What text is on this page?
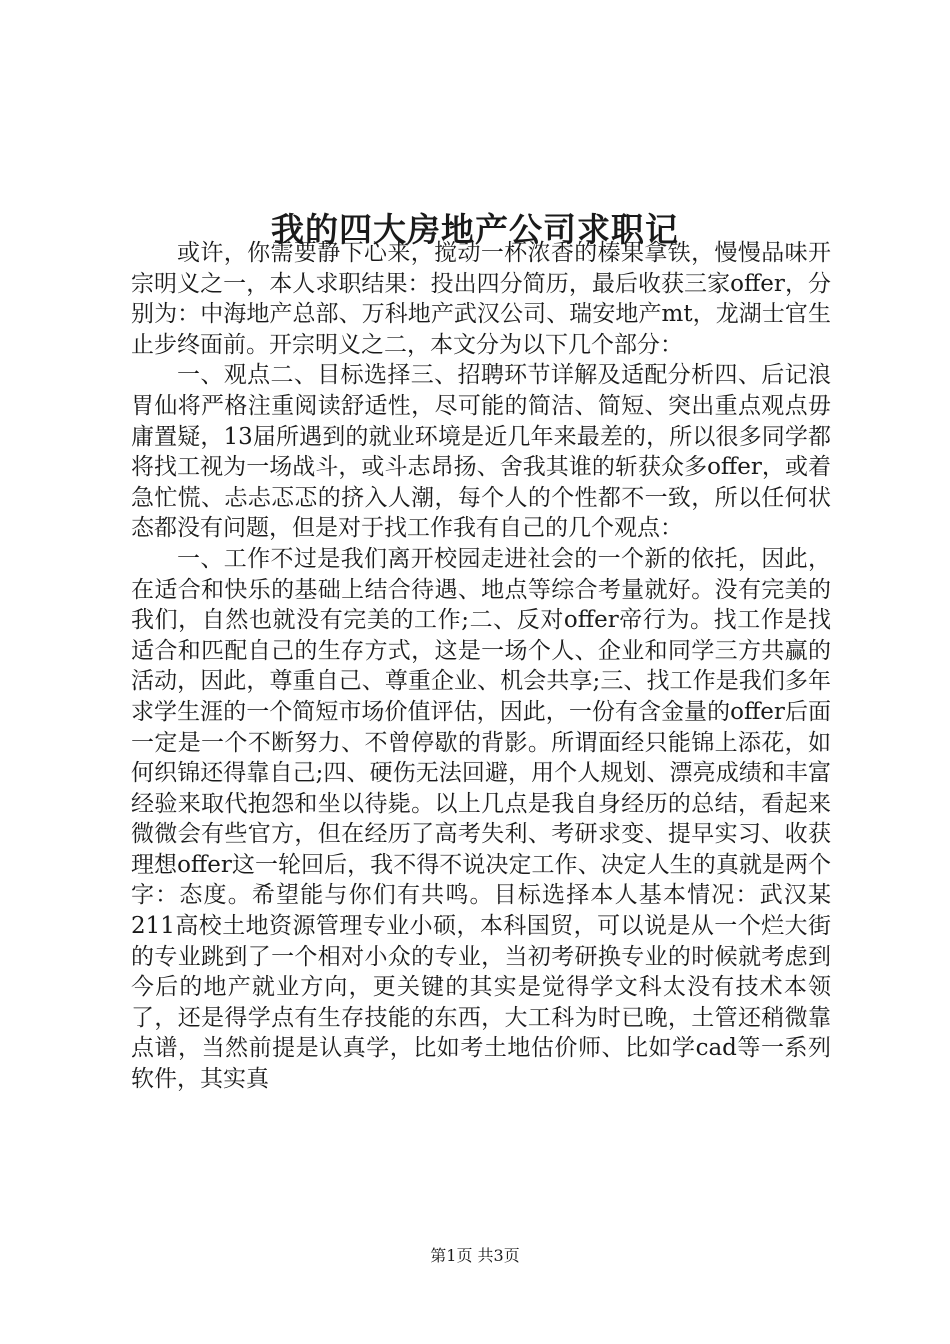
我的四大房地产公司求职记

或许，你需要静下心来，搅动一杯浓香的榛果拿铁，慢慢品味开宗明义之一，本人求职结果：投出四分简历，最后收获三家offer，分别为：中海地产总部、万科地产武汉公司、瑞安地产mt，龙湖士官生止步终面前。开宗明义之二，本文分为以下几个部分：

一、观点二、目标选择三、招聘环节详解及适配分析四、后记浪胃仙将严格注重阅读舒适性，尽可能的简洁、简短、突出重点观点毋庸置疑，13届所遇到的就业环境是近几年来最差的，所以很多同学都将找工视为一场战斗，或斗志昂扬、舍我其谁的斩获众多offer，或着急忙慌、忐忐忑忑的挤入人潮，每个人的个性都不一致，所以任何状态都没有问题，但是对于找工作我有自己的几个观点：

一、工作不过是我们离开校园走进社会的一个新的依托，因此，在适合和快乐的基础上结合待遇、地点等综合考量就好。没有完美的我们，自然也就没有完美的工作;二、反对offer帝行为。找工作是找适合和匹配自己的生存方式，这是一场个人、企业和同学三方共赢的活动，因此，尊重自己、尊重企业、机会共享;三、找工作是我们多年求学生涯的一个简短市场价值评估，因此，一份有含金量的offer后面一定是一个不断努力、不曾停歇的背影。所谓面经只能锦上添花，如何织锦还得靠自己;四、硬伤无法回避，用个人规划、漂亮成绩和丰富经验来取代抱怨和坐以待毙。以上几点是我自身经历的总结，看起来微微会有些官方，但在经历了高考失利、考研求变、提早实习、收获理想offer这一轮回后，我不得不说决定工作、决定人生的真就是两个字：态度。希望能与你们有共鸣。目标选择本人基本情况：武汉某211高校土地资源管理专业小硕，本科国贸，可以说是从一个烂大街的专业跳到了一个相对小众的专业，当初考研换专业的时候就考虑到今后的地产就业方向，更关键的其实是觉得学文科太没有技术本领了，还是得学点有生存技能的东西，大工科为时已晚，土管还稍微靠点谱，当然前提是认真学，比如考土地估价师、比如学cad等一系列软件，其实真

第1页 共3页
